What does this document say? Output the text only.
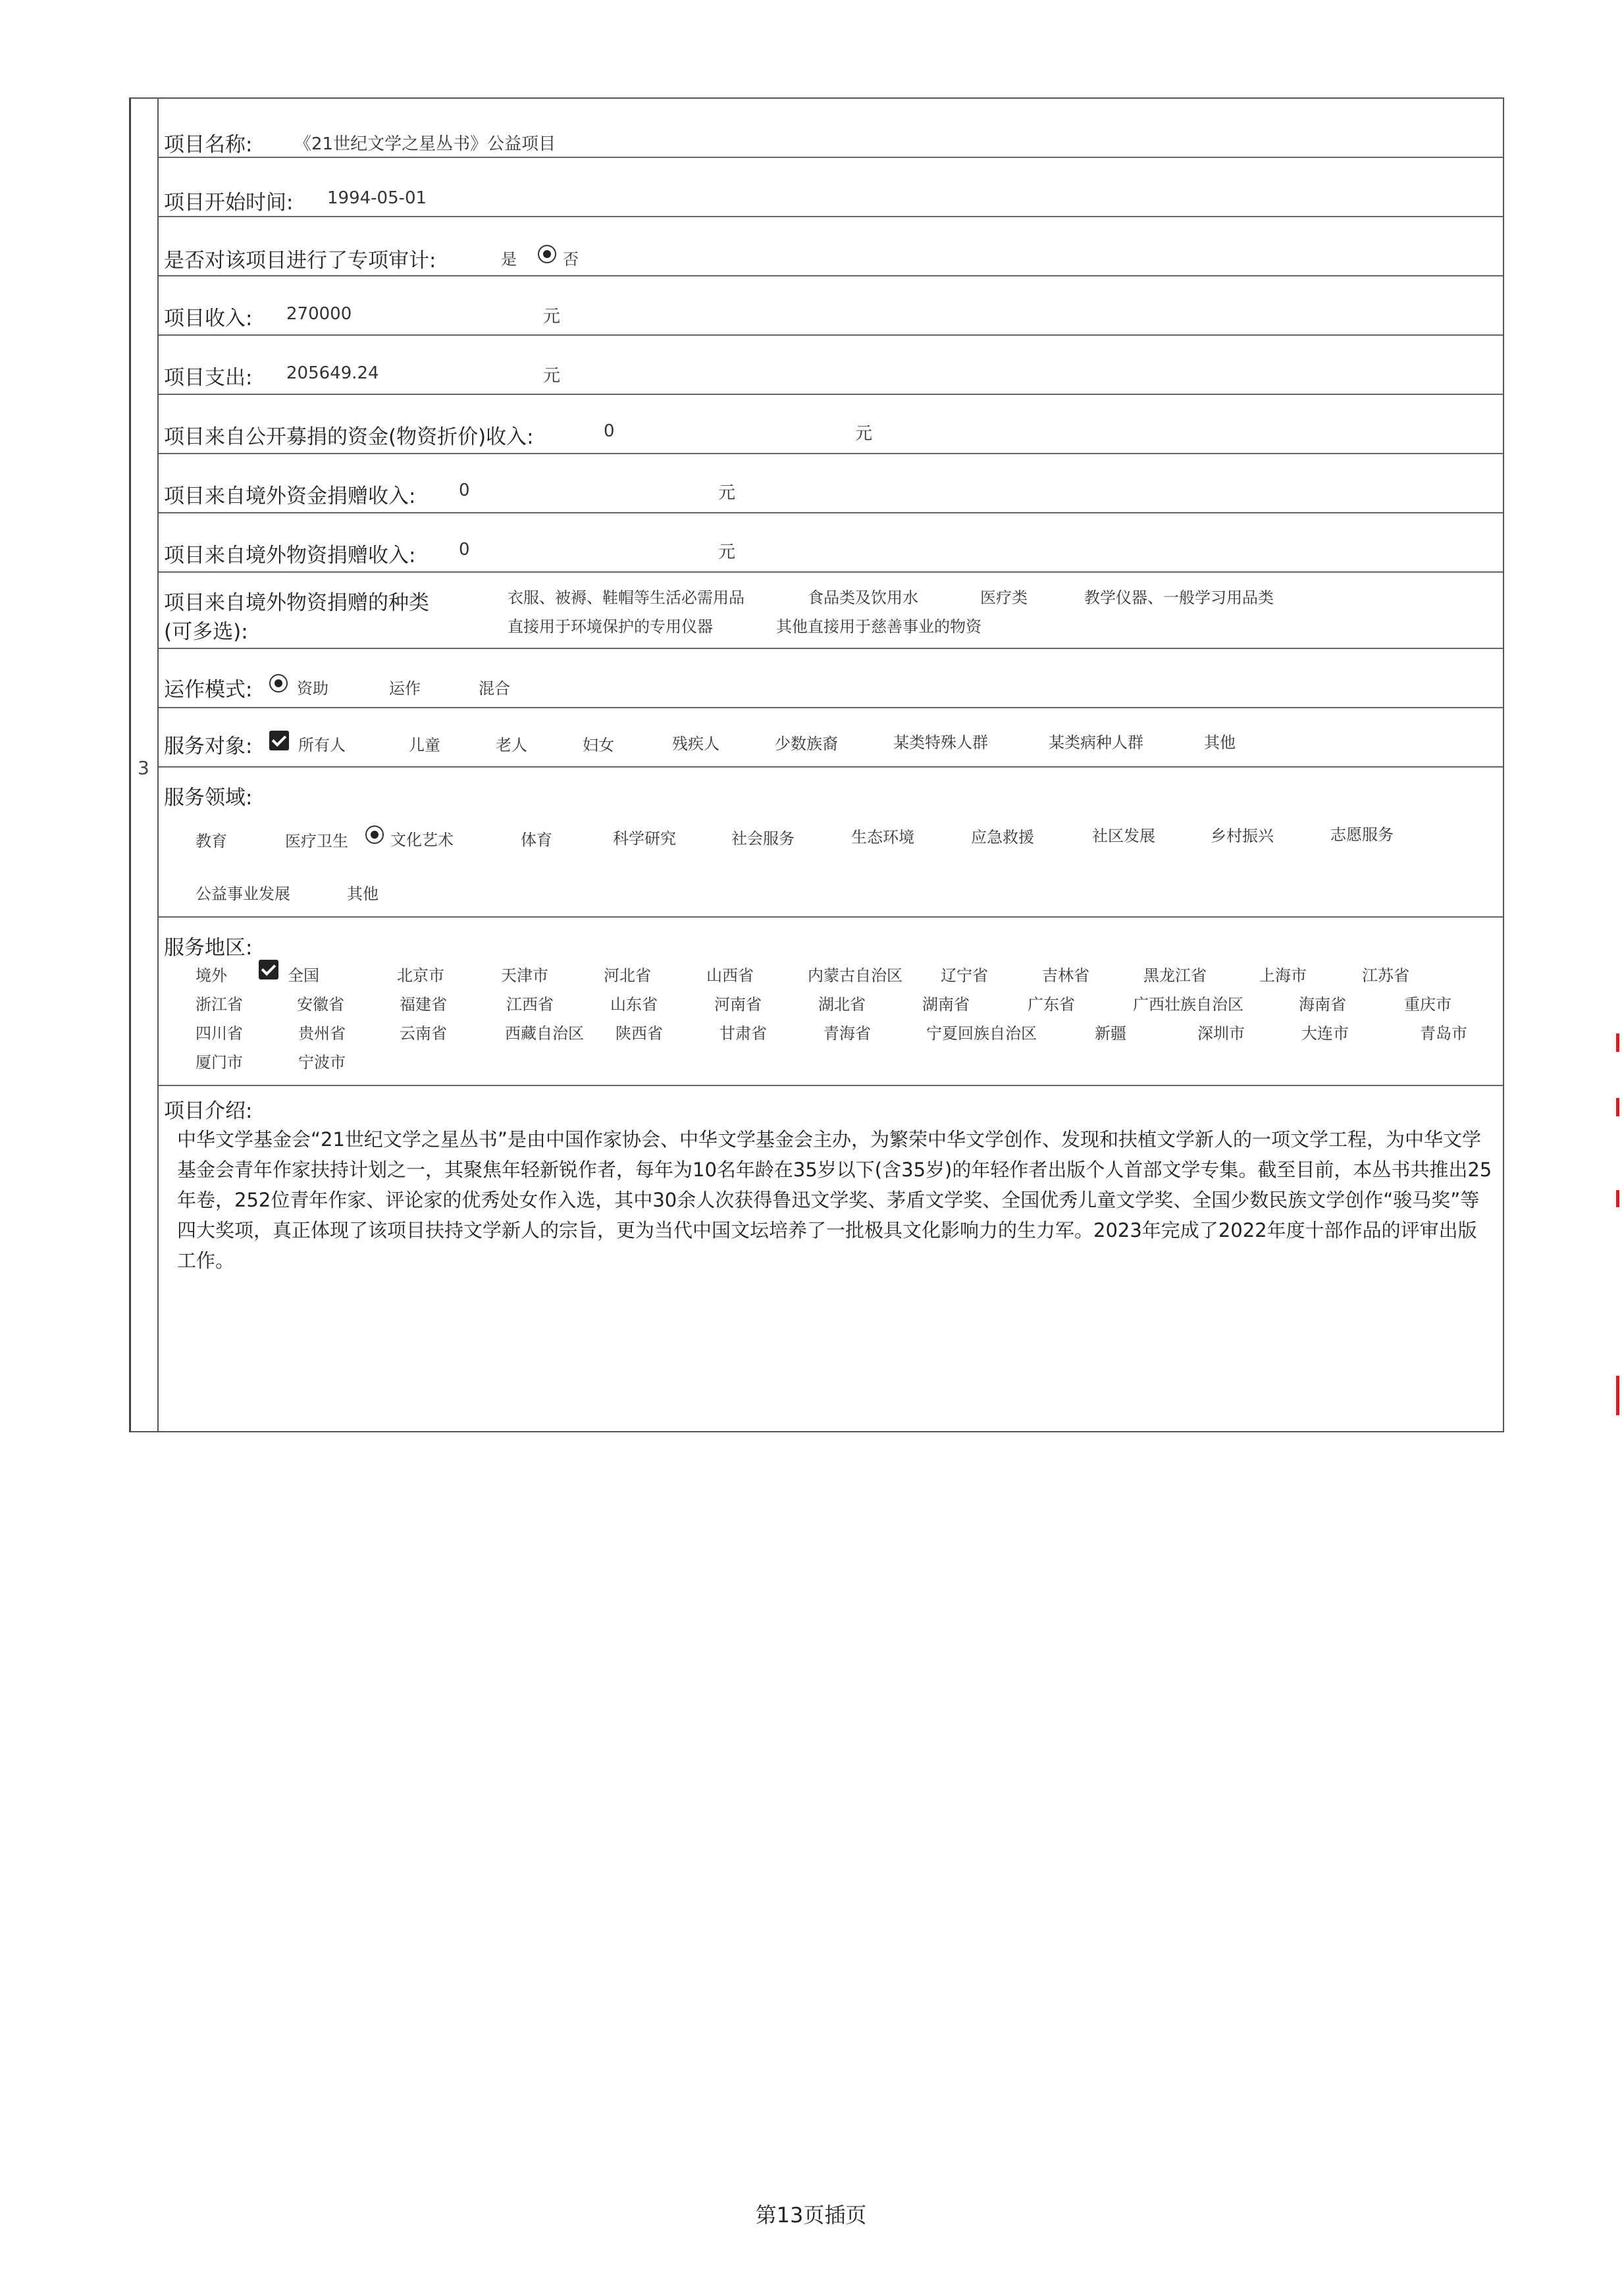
3
项目名称: 《21世纪文学之星丛书》公益项目
项目开始时间: 1994-05-01
是否对该项目进行了专项审计:	是	否
项目收入: 270000	元
项目支出: 205649.24	元
项目来自公开募捐的资金(物资折价)收入:	0	元
项目来自境外资金捐赠收入:	0	元
项目来自境外物资捐赠收入:	0	元
项目来自境外物资捐赠的种类
(可多选):
衣服、被褥、鞋帽等生活必需用品	食品类及饮用水	医疗类	教学仪器、一般学习用品类
直接用于环境保护的专用仪器	其他直接用于慈善事业的物资
运作模式:	资助	运作	混合
服务对象:	所有人	儿童	老人	妇女	残疾人	少数族裔	某类特殊人群	某类病种人群	其他
服务领域:
教育	医疗卫生	文化艺术	体育	科学研究	社会服务	生态环境	应急救援	社区发展	乡村振兴	志愿服务
公益事业发展	其他
服务地区:
境外	全国	北京市	天津市	河北省	山西省	内蒙古自治区 辽宁省	吉林省	黑龙江省	上海市	江苏省
浙江省	安徽省	福建省	江西省	山东省	河南省	湖北省	湖南省	广东省	广西壮族自治区	海南省	重庆市
四川省	贵州省	云南省	西藏自治区 陕西省	甘肃省	青海省	宁夏回族自治区	新疆	深圳市	大连市	青岛市
厦门市	宁波市
项目介绍:
中华文学基金会“21世纪文学之星丛书”是由中国作家协会、中华文学基金会主办，为繁荣中华文学创作、发现和扶植文学新人的一项文学工程，为中华文学基金会青年作家扶持计划之一，其聚焦年轻新锐作者，每年为10名年龄在35岁以下(含35岁)的年轻作者出版个人首部文学专集。截至目前，本丛书共推出25年卷，252位青年作家、评论家的优秀处女作入选，其中30余人次获得鲁迅文学奖、茅盾文学奖、全国优秀儿童文学奖、全国少数民族文学创作“骏马奖”等四大奖项，真正体现了该项目扶持文学新人的宗旨，更为当代中国文坛培养了一批极具文化影响力的生力军。2023年完成了2022年度十部作品的评审出版工作。
第13页插页
